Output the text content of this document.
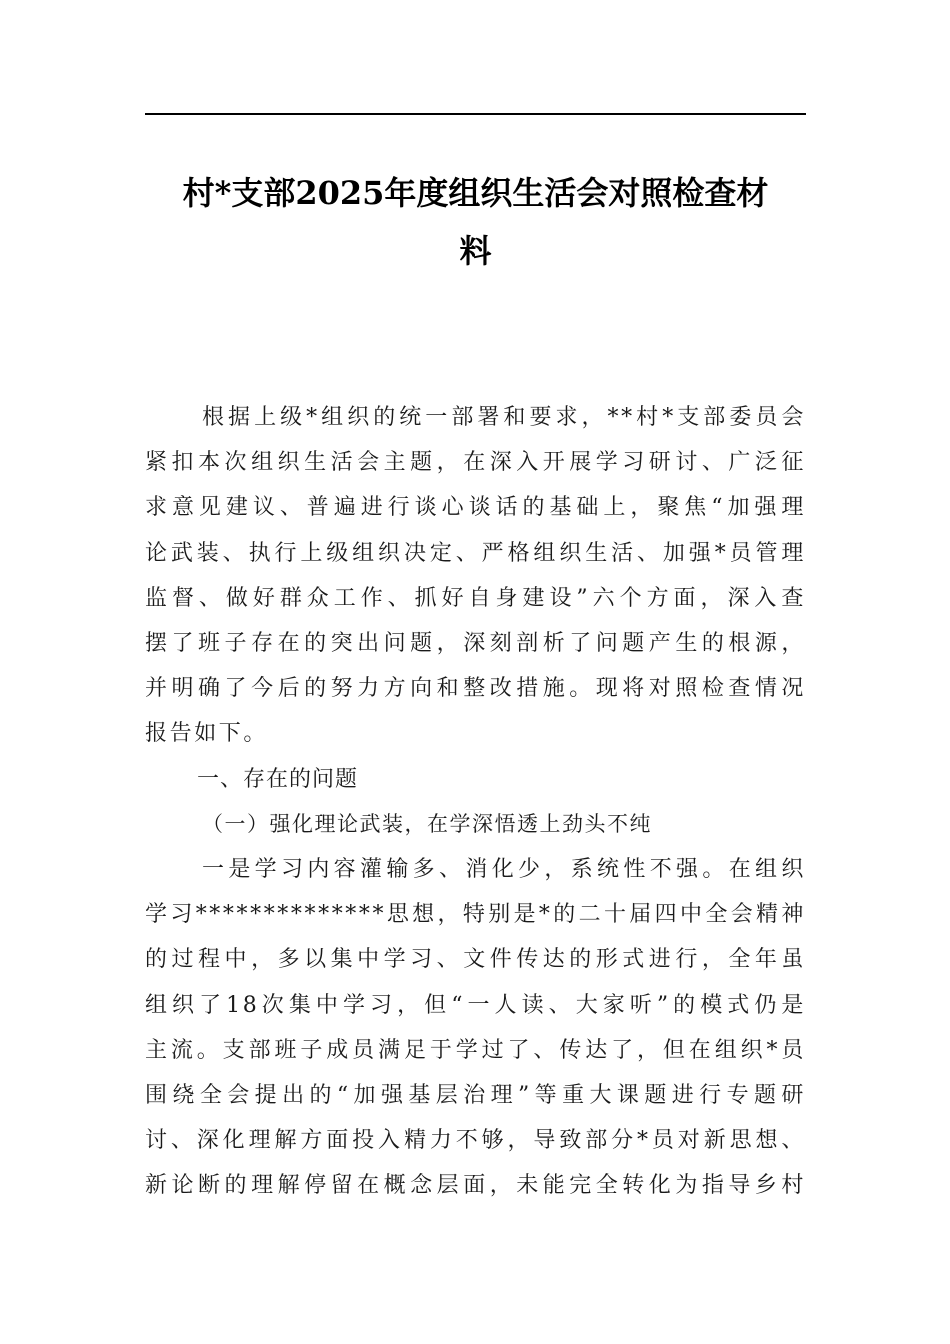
村*支部2025年度组织生活会对照检查材
料
根据上级*组织的统一部署和要求，**村*支部委员会
紧扣本次组织生活会主题，在深入开展学习研讨、广泛征
求意见建议、普遍进行谈心谈话的基础上，聚焦“加强理
论武装、执行上级组织决定、严格组织生活、加强*员管理
监督、做好群众工作、抓好自身建设”六个方面，深入查
摆了班子存在的突出问题，深刻剖析了问题产生的根源，
并明确了今后的努力方向和整改措施。现将对照检查情况
报告如下。
一、存在的问题
（一）强化理论武装，在学深悟透上劲头不纯
一是学习内容灌输多、消化少，系统性不强。在组织
学习**************思想，特别是*的二十届四中全会精神
的过程中，多以集中学习、文件传达的形式进行，全年虽
组织了18次集中学习，但“一人读、大家听”的模式仍是
主流。支部班子成员满足于学过了、传达了，但在组织*员
围绕全会提出的“加强基层治理”等重大课题进行专题研
讨、深化理解方面投入精力不够，导致部分*员对新思想、
新论断的理解停留在概念层面，未能完全转化为指导乡村
